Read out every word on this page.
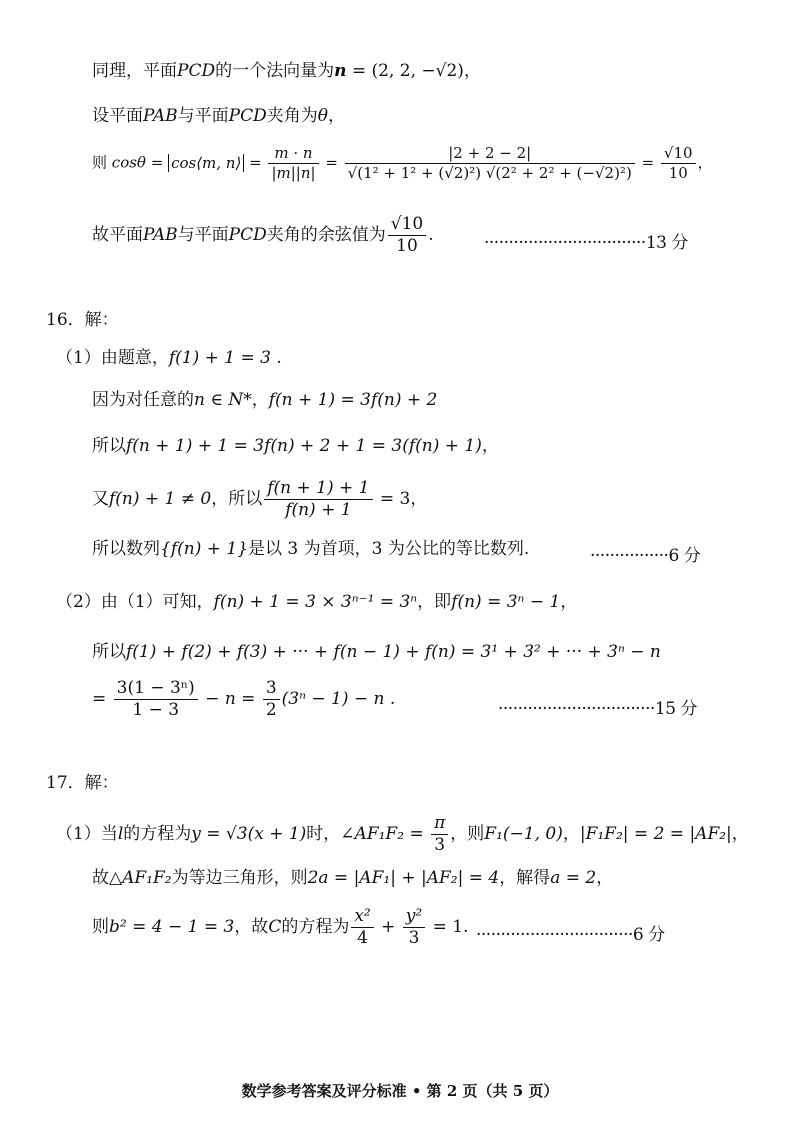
同理，平面PCD的一个法向量为n = (2, 2, −√2)，
设平面PAB与平面PCD夹角为θ，
则 cosθ = cos⟨m, n⟩ = $\frac{m \cdot n}{|m||n|} = \frac{|2 + 2 - 2|}{\text{√(1² + 1² + (√2)²) √(2² + 2² + (−√2)²)}} = \frac{√10}{10}$ ，
故平面PAB与平面PCD夹角的余弦值为 $\frac{√10}{10}$ .	·································13 分
16．解：
（1）由题意，f(1) + 1 = 3 .
因为对任意的n ∈ N*，f(n + 1) = 3f(n) + 2
所以f(n + 1) + 1 = 3f(n) + 2 + 1 = 3(f(n) + 1)，
又f(n) + 1 ≠ 0，所以 $\frac{f(n + 1) + 1}{f(n) + 1} = 3$，
所以数列{f(n) + 1}是以 3 为首项，3 为公比的等比数列.	················6 分
（2）由（1）可知，f(n) + 1 = 3 × 3ⁿ⁻¹ = 3ⁿ，即f(n) = 3ⁿ − 1，
所以f(1) + f(2) + f(3) + ··· + f(n − 1) + f(n) = 3¹ + 3² + ··· + 3ⁿ − n
= $\frac{\text{3(1 − 3ⁿ)}}{1 - 3} - n = \frac{3}{2} (3^n - 1) - n$ .	································15 分
17．解：
（1）当l的方程为y = √3(x + 1)时，∠AF₁F₂ = $\frac{\pi}{3}$ ，则F₁(−1, 0)，|F₁F₂| = 2 = |AF₂|，
故△AF₁F₂为等边三角形，则2a = |AF₁| + |AF₂| = 4，解得a = 2，
则b² = 4 − 1 = 3，故C的方程为 $\frac{\text{x²}}{4} + \frac{\text{y²}}{3} = 1$. ································6 分
数学参考答案及评分标准 • 第 2 页（共 5 页）
